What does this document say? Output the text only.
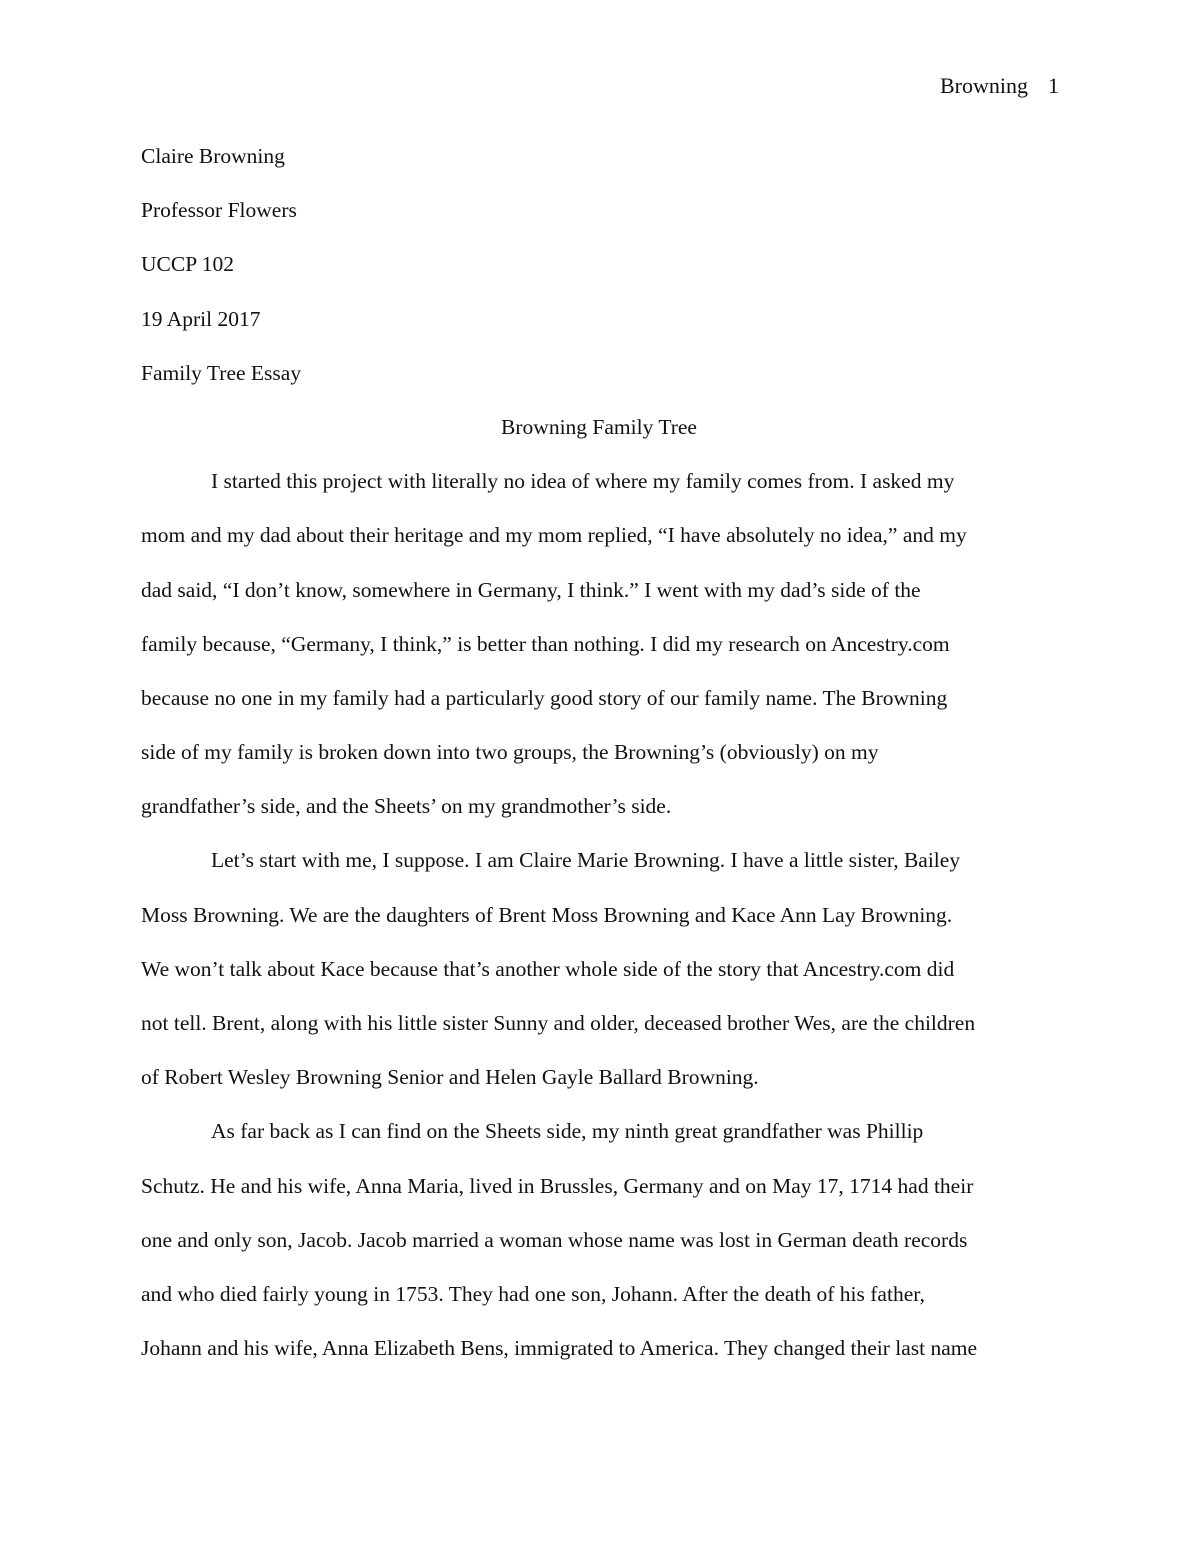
Browning 1
Claire Browning
Professor Flowers
UCCP 102
19 April 2017
Family Tree Essay
Browning Family Tree
I started this project with literally no idea of where my family comes from. I asked my
mom and my dad about their heritage and my mom replied, “I have absolutely no idea,” and my
dad said, “I don’t know, somewhere in Germany, I think.” I went with my dad’s side of the
family because, “Germany, I think,” is better than nothing. I did my research on Ancestry.com
because no one in my family had a particularly good story of our family name. The Browning
side of my family is broken down into two groups, the Browning’s (obviously) on my
grandfather’s side, and the Sheets’ on my grandmother’s side.
Let’s start with me, I suppose. I am Claire Marie Browning. I have a little sister, Bailey
Moss Browning. We are the daughters of Brent Moss Browning and Kace Ann Lay Browning.
We won’t talk about Kace because that’s another whole side of the story that Ancestry.com did
not tell. Brent, along with his little sister Sunny and older, deceased brother Wes, are the children
of Robert Wesley Browning Senior and Helen Gayle Ballard Browning.
As far back as I can find on the Sheets side, my ninth great grandfather was Phillip
Schutz. He and his wife, Anna Maria, lived in Brussles, Germany and on May 17, 1714 had their
one and only son, Jacob. Jacob married a woman whose name was lost in German death records
and who died fairly young in 1753. They had one son, Johann. After the death of his father,
Johann and his wife, Anna Elizabeth Bens, immigrated to America. They changed their last name
